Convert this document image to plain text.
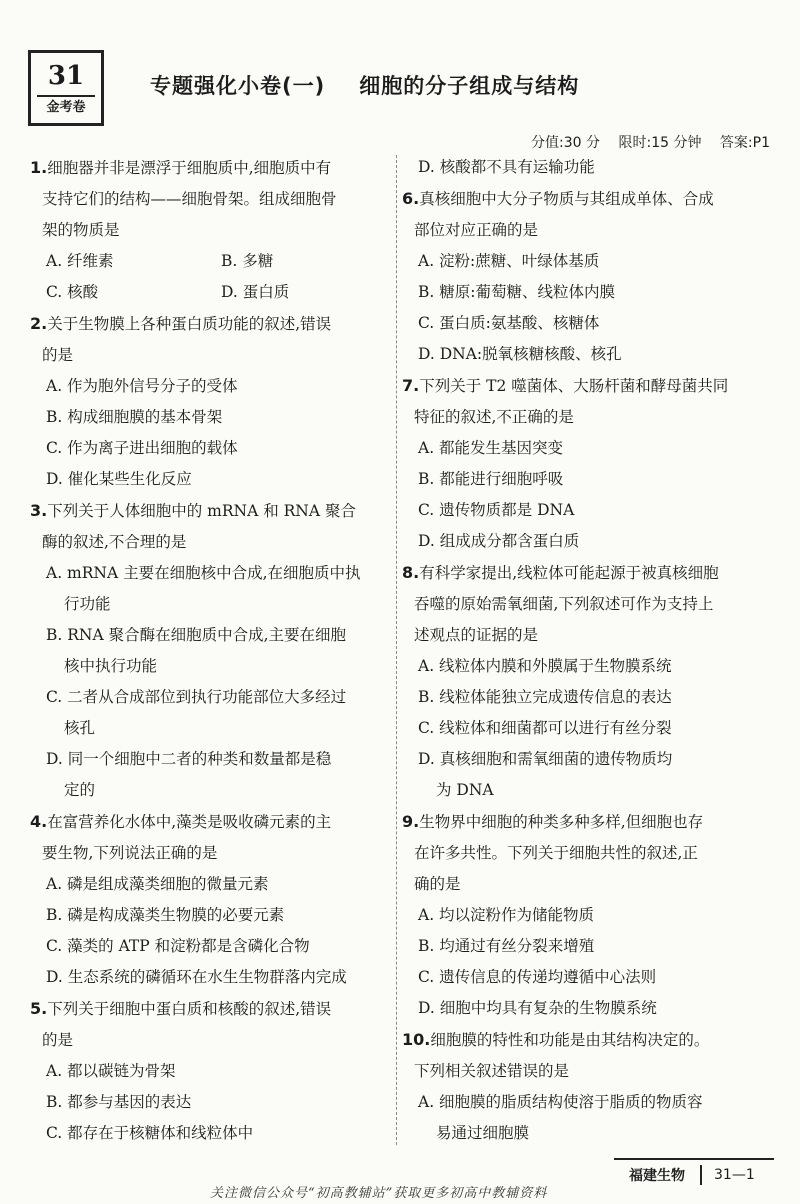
31
金考卷
专题强化小卷(一) 细胞的分子组成与结构
分值:30 分 限时:15 分钟 答案:P1
1.细胞器并非是漂浮于细胞质中,细胞质中有
支持它们的结构——细胞骨架。组成细胞骨
架的物质是
A. 纤维素	B. 多糖
C. 核酸	D. 蛋白质
2.关于生物膜上各种蛋白质功能的叙述,错误
的是
A. 作为胞外信号分子的受体
B. 构成细胞膜的基本骨架
C. 作为离子进出细胞的载体
D. 催化某些生化反应
3.下列关于人体细胞中的 mRNA 和 RNA 聚合
酶的叙述,不合理的是
A. mRNA 主要在细胞核中合成,在细胞质中执
行功能
B. RNA 聚合酶在细胞质中合成,主要在细胞
核中执行功能
C. 二者从合成部位到执行功能部位大多经过
核孔
D. 同一个细胞中二者的种类和数量都是稳
定的
4.在富营养化水体中,藻类是吸收磷元素的主
要生物,下列说法正确的是
A. 磷是组成藻类细胞的微量元素
B. 磷是构成藻类生物膜的必要元素
C. 藻类的 ATP 和淀粉都是含磷化合物
D. 生态系统的磷循环在水生生物群落内完成
5.下列关于细胞中蛋白质和核酸的叙述,错误
的是
A. 都以碳链为骨架
B. 都参与基因的表达
C. 都存在于核糖体和线粒体中
D. 核酸都不具有运输功能
6.真核细胞中大分子物质与其组成单体、合成
部位对应正确的是
A. 淀粉:蔗糖、叶绿体基质
B. 糖原:葡萄糖、线粒体内膜
C. 蛋白质:氨基酸、核糖体
D. DNA:脱氧核糖核酸、核孔
7.下列关于 T2 噬菌体、大肠杆菌和酵母菌共同
特征的叙述,不正确的是
A. 都能发生基因突变
B. 都能进行细胞呼吸
C. 遗传物质都是 DNA
D. 组成成分都含蛋白质
8.有科学家提出,线粒体可能起源于被真核细胞
吞噬的原始需氧细菌,下列叙述可作为支持上
述观点的证据的是
A. 线粒体内膜和外膜属于生物膜系统
B. 线粒体能独立完成遗传信息的表达
C. 线粒体和细菌都可以进行有丝分裂
D. 真核细胞和需氧细菌的遗传物质均
为 DNA
9.生物界中细胞的种类多种多样,但细胞也存
在许多共性。下列关于细胞共性的叙述,正
确的是
A. 均以淀粉作为储能物质
B. 均通过有丝分裂来增殖
C. 遗传信息的传递均遵循中心法则
D. 细胞中均具有复杂的生物膜系统
10.细胞膜的特性和功能是由其结构决定的。
下列相关叙述错误的是
A. 细胞膜的脂质结构使溶于脂质的物质容
易通过细胞膜
关注微信公众号“初高教辅站”获取更多初高中教辅资料
福建生物	31—1
